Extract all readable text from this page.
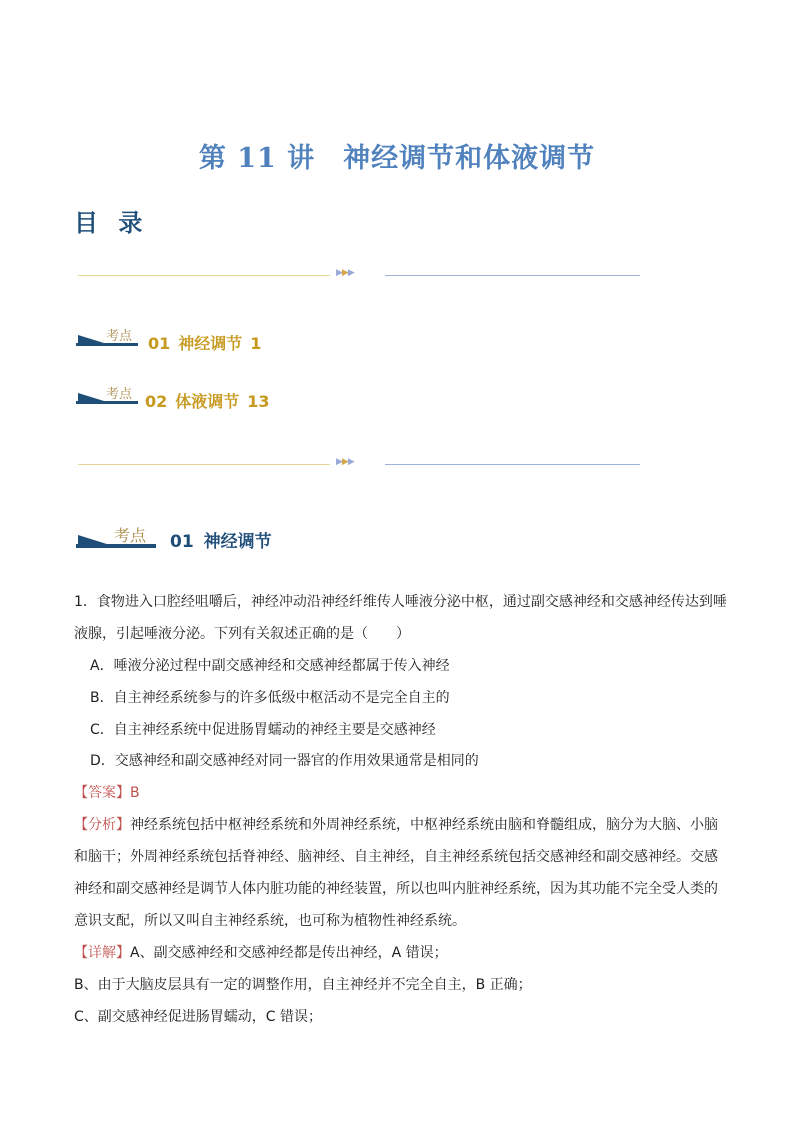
第 11 讲　神经调节和体液调节
目 录
▶▶▶
考点 01 神经调节 1
考点 02 体液调节 13
▶▶▶
考点 01 神经调节
1．食物进入口腔经咀嚼后，神经冲动沿神经纤维传人唾液分泌中枢，通过副交感神经和交感神经传达到唾
液腺，引起唾液分泌。下列有关叙述正确的是（　　）
A．唾液分泌过程中副交感神经和交感神经都属于传入神经
B．自主神经系统参与的许多低级中枢活动不是完全自主的
C．自主神经系统中促进肠胃蠕动的神经主要是交感神经
D．交感神经和副交感神经对同一器官的作用效果通常是相同的
【答案】B
【分析】神经系统包括中枢神经系统和外周神经系统，中枢神经系统由脑和脊髓组成，脑分为大脑、小脑
和脑干；外周神经系统包括脊神经、脑神经、自主神经，自主神经系统包括交感神经和副交感神经。交感
神经和副交感神经是调节人体内脏功能的神经装置，所以也叫内脏神经系统，因为其功能不完全受人类的
意识支配，所以又叫自主神经系统，也可称为植物性神经系统。
【详解】A、副交感神经和交感神经都是传出神经，A 错误；
B、由于大脑皮层具有一定的调整作用，自主神经并不完全自主，B 正确；
C、副交感神经促进肠胃蠕动，C 错误；
